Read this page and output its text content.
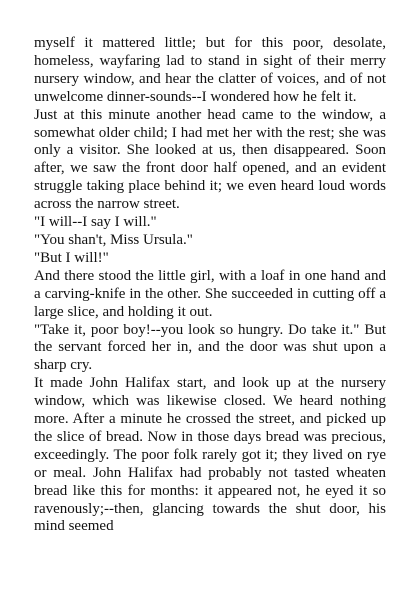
myself it mattered little; but for this poor, desolate, homeless, wayfaring lad to stand in sight of their merry nursery window, and hear the clatter of voices, and of not unwelcome dinner-sounds--I wondered how he felt it.

Just at this minute another head came to the window, a somewhat older child; I had met her with the rest; she was only a visitor. She looked at us, then disappeared. Soon after, we saw the front door half opened, and an evident struggle taking place behind it; we even heard loud words across the narrow street.

"I will--I say I will."

"You shan't, Miss Ursula."

"But I will!"

And there stood the little girl, with a loaf in one hand and a carving-knife in the other. She succeeded in cutting off a large slice, and holding it out.

"Take it, poor boy!--you look so hungry. Do take it." But the servant forced her in, and the door was shut upon a sharp cry.

It made John Halifax start, and look up at the nursery window, which was likewise closed. We heard nothing more. After a minute he crossed the street, and picked up the slice of bread. Now in those days bread was precious, exceedingly. The poor folk rarely got it; they lived on rye or meal. John Halifax had probably not tasted wheaten bread like this for months: it appeared not, he eyed it so ravenously;--then, glancing towards the shut door, his mind seemed
